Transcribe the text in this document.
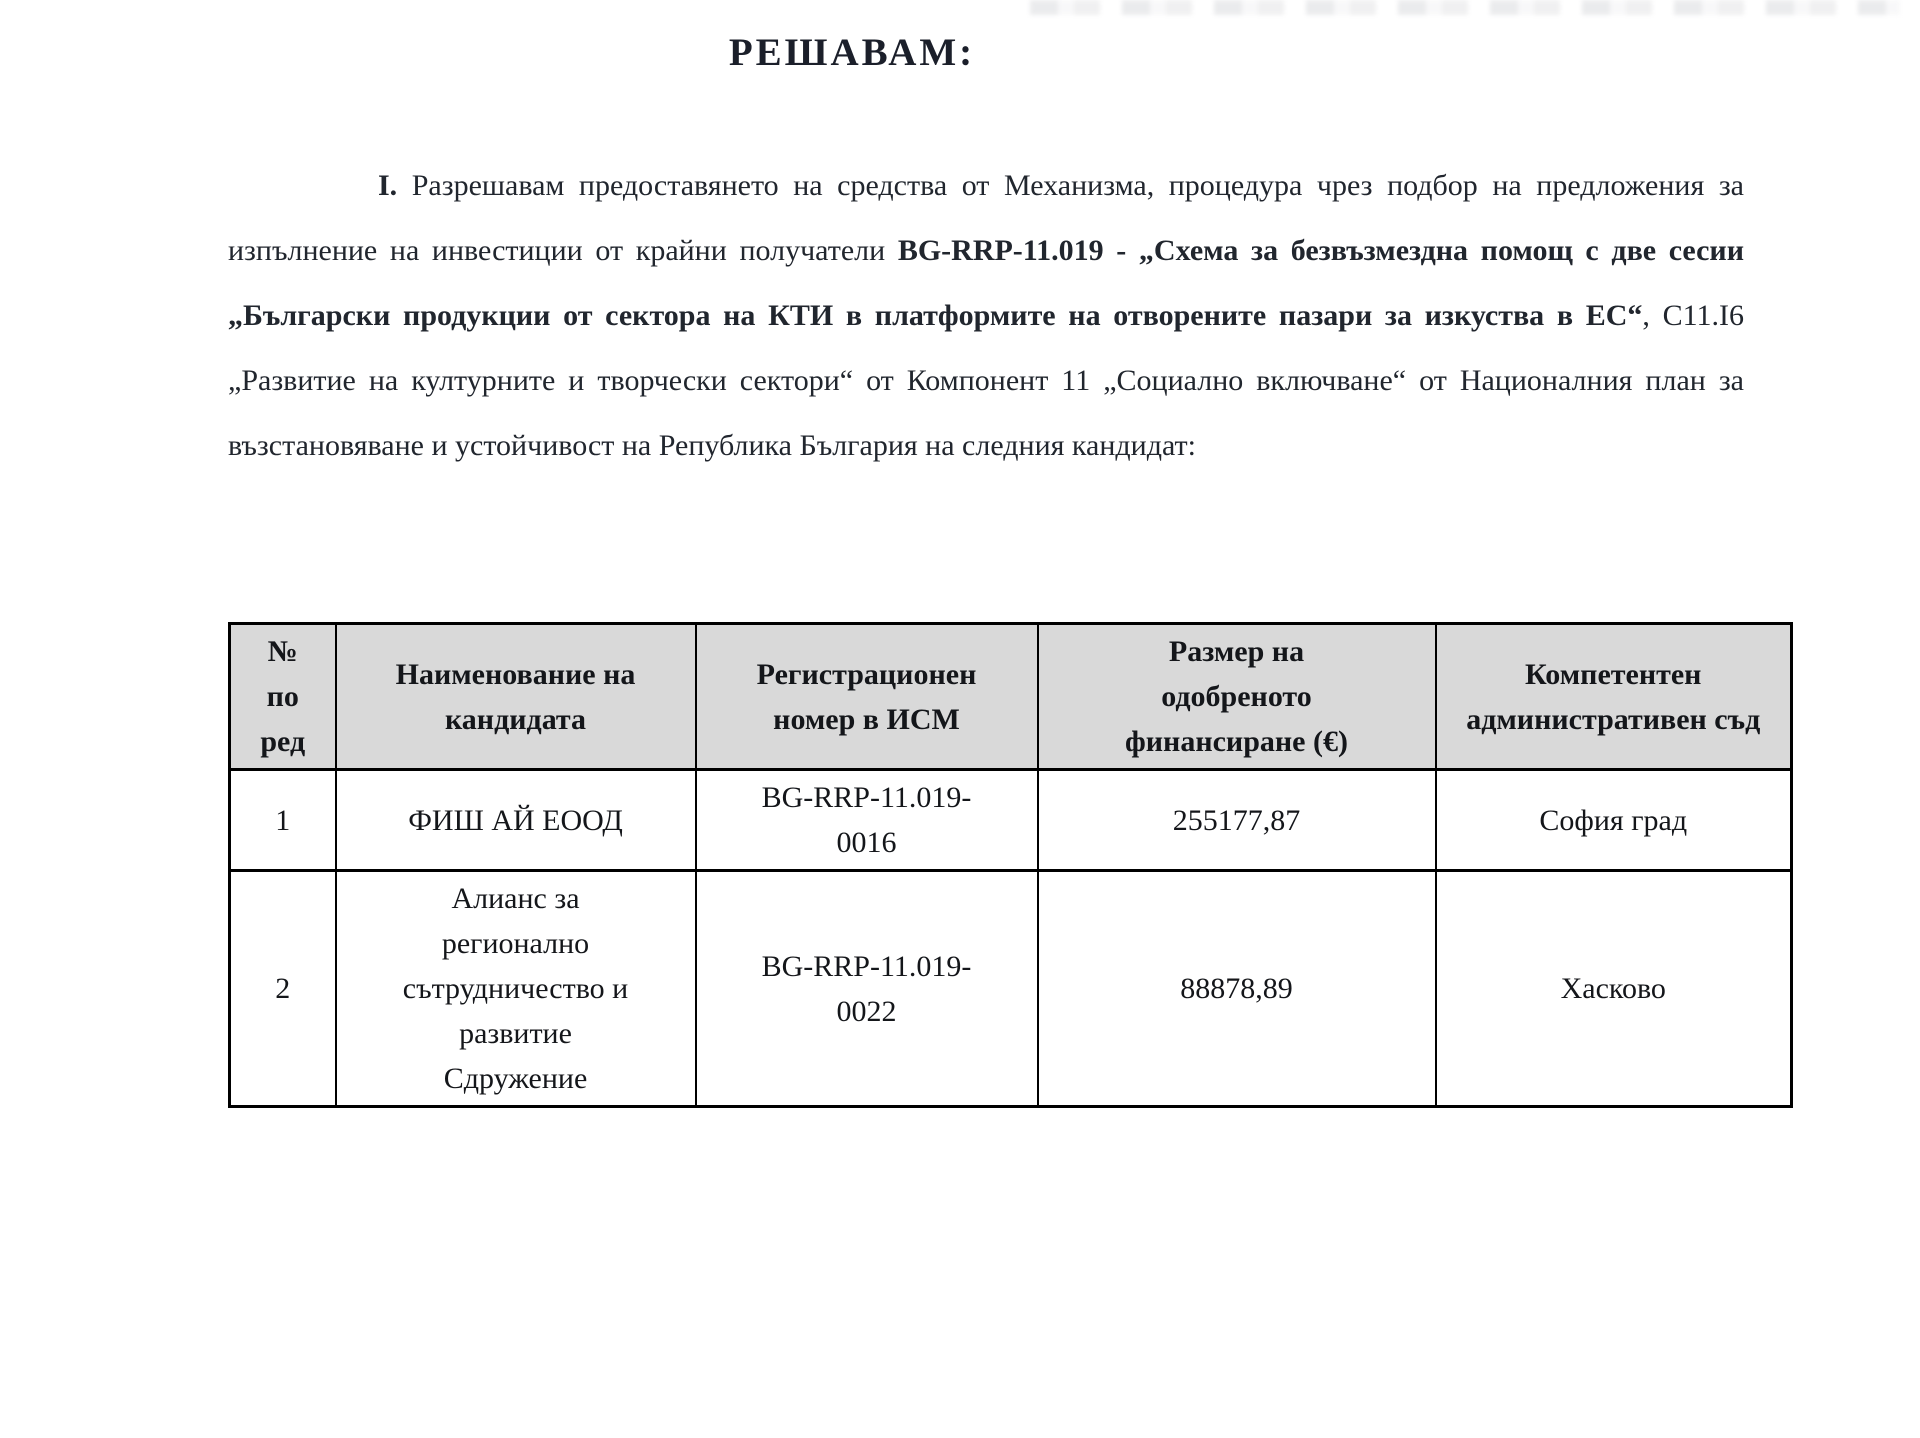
РЕШАВАМ:

I. Разрешавам предоставянето на средства от Механизма, процедура чрез подбор на предложения за изпълнение на инвестиции от крайни получатели BG-RRP-11.019 - „Схема за безвъзмездна помощ с две сесии „Български продукции от сектора на КТИ в платформите на отворените пазари за изкуства в ЕС“, С11.I6 „Развитие на културните и творчески сектори“ от Компонент 11 „Социално включване“ от Националния план за възстановяване и устойчивост на Република България на следния кандидат:

№ по ред	Наименование на кандидата	Регистрационен номер в ИСМ	Размер на одобреното финансиране (€)	Компетентен административен съд

1	ФИШ АЙ ЕООД	BG-RRP-11.019-0016	255177,87	София град
2	Алианс за регионално сътрудничество и развитие Сдружение	BG-RRP-11.019-0022	88878,89	Хасково
